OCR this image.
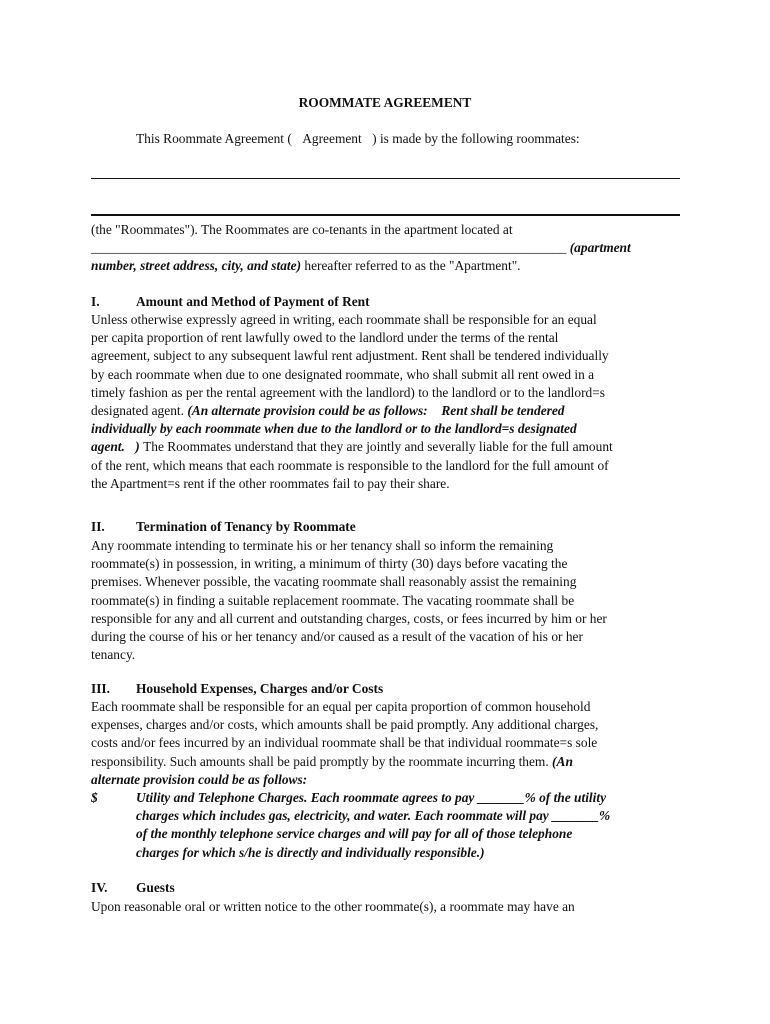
ROOMMATE AGREEMENT
This Roommate Agreement ( Agreement ) is made by the following roommates:
(the "Roommates"). The Roommates are co-tenants in the apartment located at
_______________________________________________________________________ (apartment
number, street address, city, and state) hereafter referred to as the "Apartment".
I.	Amount and Method of Payment of Rent
Unless otherwise expressly agreed in writing, each roommate shall be responsible for an equal
per capita proportion of rent lawfully owed to the landlord under the terms of the rental
agreement, subject to any subsequent lawful rent adjustment. Rent shall be tendered individually
by each roommate when due to one designated roommate, who shall submit all rent owed in a
timely fashion as per the rental agreement with the landlord) to the landlord or to the landlord=s
designated agent. (An alternate provision could be as follows: Rent shall be tendered
individually by each roommate when due to the landlord or to the landlord=s designated
agent. ) The Roommates understand that they are jointly and severally liable for the full amount
of the rent, which means that each roommate is responsible to the landlord for the full amount of
the Apartment=s rent if the other roommates fail to pay their share.
II. Termination of Tenancy by Roommate
Any roommate intending to terminate his or her tenancy shall so inform the remaining
roommate(s) in possession, in writing, a minimum of thirty (30) days before vacating the
premises. Whenever possible, the vacating roommate shall reasonably assist the remaining
roommate(s) in finding a suitable replacement roommate. The vacating roommate shall be
responsible for any and all current and outstanding charges, costs, or fees incurred by him or her
during the course of his or her tenancy and/or caused as a result of the vacation of his or her
tenancy.
III. Household Expenses, Charges and/or Costs
Each roommate shall be responsible for an equal per capita proportion of common household
expenses, charges and/or costs, which amounts shall be paid promptly. Any additional charges,
costs and/or fees incurred by an individual roommate shall be that individual roommate=s sole
responsibility. Such amounts shall be paid promptly by the roommate incurring them. (An
alternate provision could be as follows:
$	Utility and Telephone Charges. Each roommate agrees to pay _______% of the utility
charges which includes gas, electricity, and water. Each roommate will pay _______%
of the monthly telephone service charges and will pay for all of those telephone
charges for which s/he is directly and individually responsible.)
IV. Guests
Upon reasonable oral or written notice to the other roommate(s), a roommate may have an
